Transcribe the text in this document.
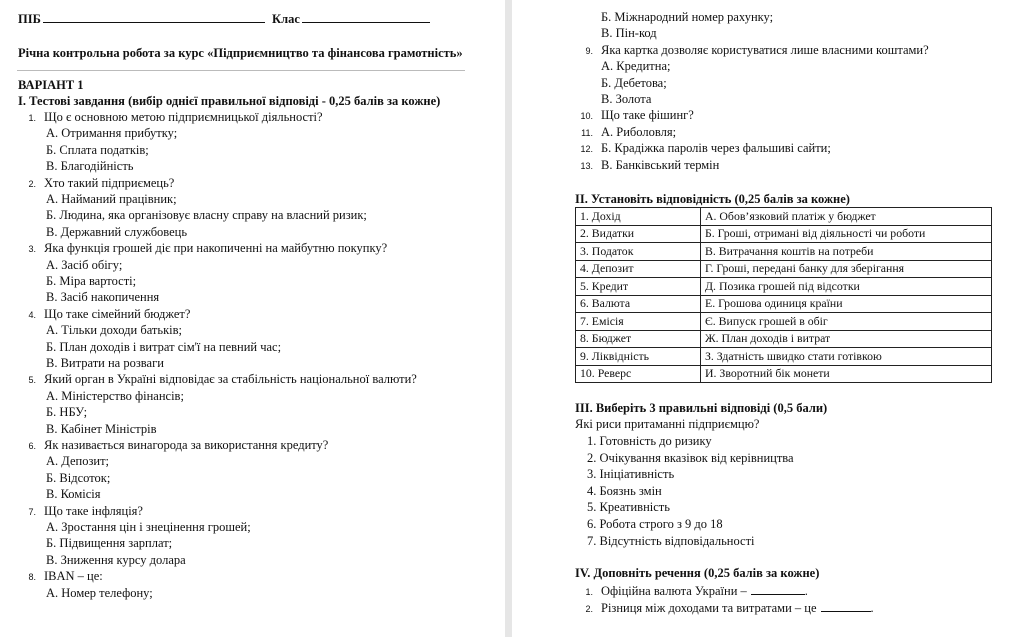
ПІБ	Клас
Річна контрольна робота за курс «Підприємництво та фінансова грамотність»
ВАРІАНТ 1
І. Тестові завдання (вибір однієї правильної відповіді - 0,25 балів за кожне)
1. Що є основною метою підприємницької діяльності?
А. Отримання прибутку;
Б. Сплата податків;
В. Благодійність
2. Хто такий підприємець?
А. Найманий працівник;
Б. Людина, яка організовує власну справу на власний ризик;
В. Державний службовець
3. Яка функція грошей діє при накопиченні на майбутню покупку?
А. Засіб обігу;
Б. Міра вартості;
В. Засіб накопичення
4. Що таке сімейний бюджет?
А. Тільки доходи батьків;
Б. План доходів і витрат сім'ї на певний час;
В. Витрати на розваги
5. Який орган в Україні відповідає за стабільність національної валюти?
А. Міністерство фінансів;
Б. НБУ;
В. Кабінет Міністрів
6. Як називається винагорода за використання кредиту?
А. Депозит;
Б. Відсоток;
В. Комісія
7. Що таке інфляція?
А. Зростання цін і знецінення грошей;
Б. Підвищення зарплат;
В. Зниження курсу долара
8. IBAN – це:
А. Номер телефону;
Б. Міжнародний номер рахунку;
В. Пін-код
9. Яка картка дозволяє користуватися лише власними коштами?
А. Кредитна;
Б. Дебетова;
В. Золота
10. Що таке фішинг?
11. А. Риболовля;
12. Б. Крадіжка паролів через фальшиві сайти;
13. В. Банківський термін
ІІ. Установіть відповідність (0,25 балів за кожне)
1. Дохід	А. Обов’язковий платіж у бюджет
2. Видатки	Б. Гроші, отримані від діяльності чи роботи
3. Податок	В. Витрачання коштів на потреби
4. Депозит	Г. Гроші, передані банку для зберігання
5. Кредит	Д. Позика грошей під відсотки
6. Валюта	Е. Грошова одиниця країни
7. Емісія	Є. Випуск грошей в обіг
8. Бюджет	Ж. План доходів і витрат
9. Ліквідність	З. Здатність швидко стати готівкою
10. Реверс	И. Зворотний бік монети
ІІІ. Виберіть 3 правильні відповіді (0,5 бали)
Які риси притаманні підприємцю?
1. Готовність до ризику
2. Очікування вказівок від керівництва
3. Ініціативність
4. Боязнь змін
5. Креативність
6. Робота строго з 9 до 18
7. Відсутність відповідальності
ІV. Доповніть речення (0,25 балів за кожне)
1. Офіційна валюта України –	.
2. Різниця між доходами та витратами – це	.
